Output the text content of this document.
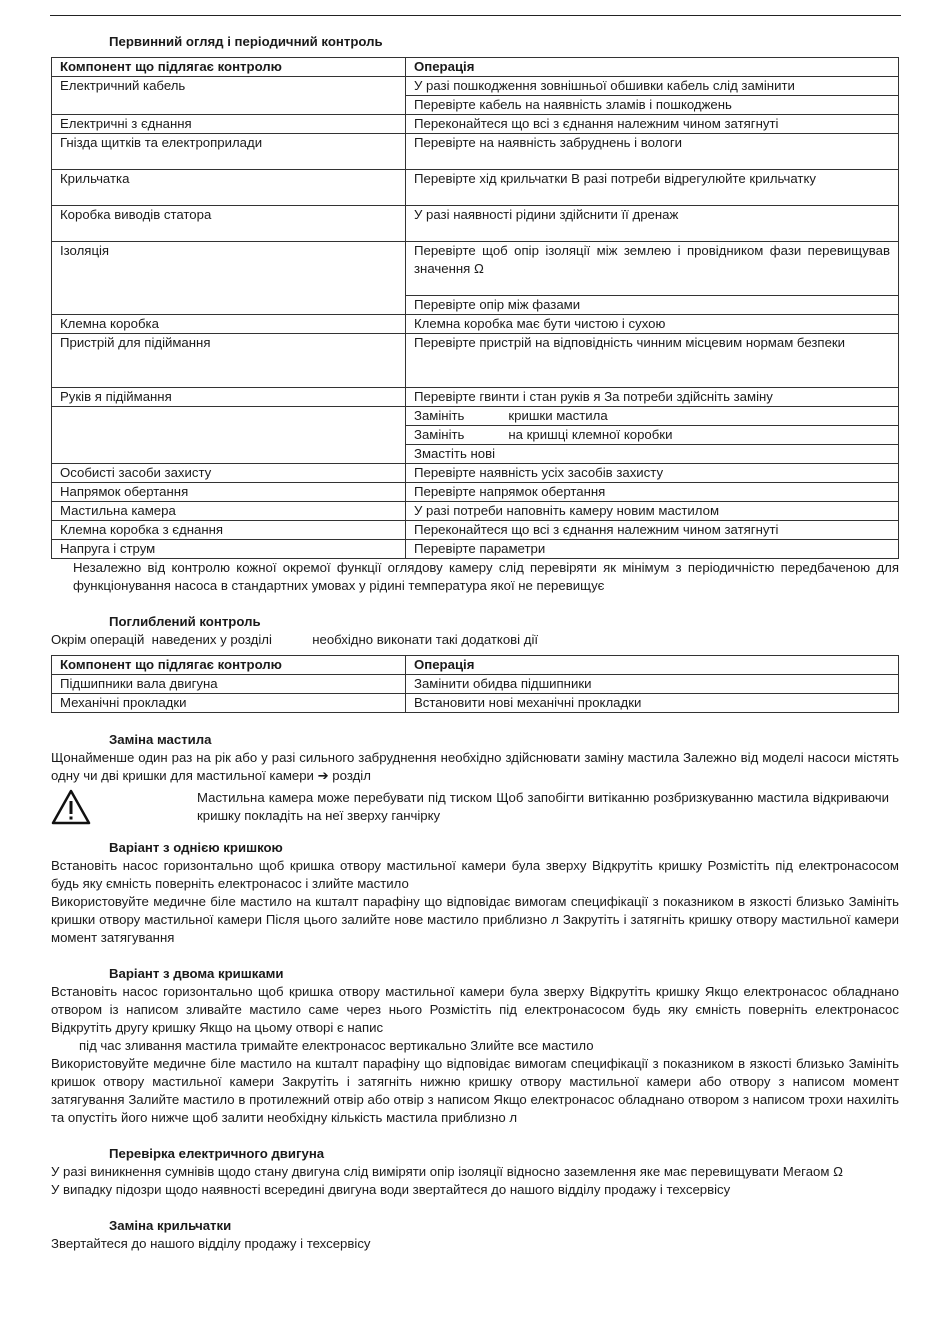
Первинний огляд і періодичний контроль
Компонент що підлягає контролю	Операція
Електричний кабель	У разі пошкодження зовнішньої обшивки кабель слід замінити
	Перевірте кабель на наявність зламів і пошкоджень
Електричні з єднання	Переконайтеся що всі з єднання належним чином затягнуті
Гнізда щитків та електроприлади	Перевірте на наявність забруднень і вологи
Крильчатка	Перевірте хід крильчатки В разі потреби відрегулюйте крильчатку
Коробка виводів статора	У разі наявності рідини здійснити її дренаж
Ізоляція	Перевірте щоб опір ізоляції між землею і провідником фази перевищував значення Ω
	Перевірте опір між фазами
Клемна коробка	Клемна коробка має бути чистою і сухою
Пристрій для підіймання	Перевірте пристрій на відповідність чинним місцевим нормам безпеки
Руків я підіймання	Перевірте гвинти і стан руків я За потреби здійсніть заміну
	Замініть            кришки мастила
	Замініть            на кришці клемної коробки
	Змастіть нові
Особисті засоби захисту	Перевірте наявність усіх засобів захисту
Напрямок обертання	Перевірте напрямок обертання
Мастильна камера	У разі потреби наповніть камеру новим мастилом
Клемна коробка з єднання	Переконайтеся що всі з єднання належним чином затягнуті
Напруга і струм	Перевірте параметри

Незалежно від контролю кожної окремої функції оглядову камеру слід перевіряти як мінімум з періодичністю передбаченою для функціонування насоса в стандартних умовах у рідині температура якої не перевищує

Поглиблений контроль

Окрім операцій  наведених у розділі           необхідно виконати такі додаткові дії

Компонент що підлягає контролю	Операція
Підшипники вала двигуна	Замінити обидва підшипники
Механічні прокладки	Встановити нові механічні прокладки
Заміна мастила

Щонайменше один раз на рік або у разі сильного забруднення необхідно здійснювати заміну мастила Залежно від моделі насоси містять одну чи дві кришки для мастильної камери ➔ розділ

Мастильна камера може перебувати під тиском Щоб запобігти витіканню розбризкуванню мастила відкриваючи кришку покладіть на неї зверху ганчірку

Варіант з однією кришкою

Встановіть насос горизонтально щоб кришка отвору мастильної камери була зверху Відкрутіть кришку Розмістіть під електронасосом будь яку ємність поверніть електронасос і злийте мастило

Використовуйте медичне біле мастило на кшталт парафіну що відповідає вимогам специфікації з показником в язкості близько Замініть кришки отвору мастильної камери Після цього залийте нове мастило приблизно л Закрутіть і затягніть кришку отвору мастильної камери момент затягування

Варіант з двома кришками

Встановіть насос горизонтально щоб кришка отвору мастильної камери була зверху Відкрутіть кришку Якщо електронасос обладнано отвором із написом зливайте мастило саме через нього Розмістіть під електронасосом будь яку ємність поверніть електронасос Відкрутіть другу кришку Якщо на цьому отворі є напис

під час зливання мастила тримайте електронасос вертикально Злийте все мастило

Використовуйте медичне біле мастило на кшталт парафіну що відповідає вимогам специфікації з показником в язкості близько Замініть кришок отвору мастильної камери Закрутіть і затягніть нижню кришку отвору мастильної камери або отвору з написом момент затягування Залийте мастило в протилежний отвір або отвір з написом Якщо електронасос обладнано отвором з написом трохи нахиліть та опустіть його нижче щоб залити необхідну кількість мастила приблизно л

Перевірка електричного двигуна

У разі виникнення сумнівів щодо стану двигуна слід виміряти опір ізоляції відносно заземлення яке має перевищувати Мегаом Ω

У випадку підозри щодо наявності всередині двигуна води звертайтеся до нашого відділу продажу і техсервісу

Заміна крильчатки

Звертайтеся до нашого відділу продажу і техсервісу
